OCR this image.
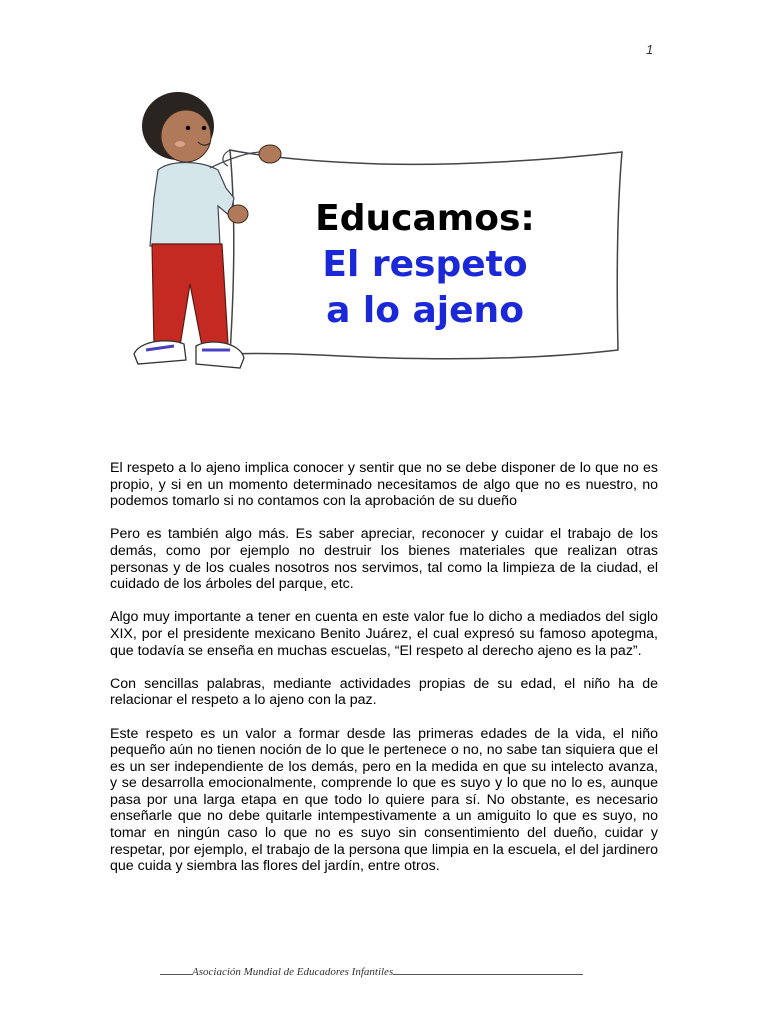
1
Educamos:
El respeto
a lo ajeno

El respeto a lo ajeno implica conocer y sentir que no se debe disponer de lo que no es propio, y si en un momento determinado necesitamos de algo que no es nuestro, no podemos tomarlo si no contamos con la aprobación de su dueño

Pero es también algo más. Es saber apreciar, reconocer y cuidar el trabajo de los demás, como por ejemplo no destruir los bienes materiales que realizan otras personas y de los cuales nosotros nos servimos, tal como la limpieza de la ciudad, el cuidado de los árboles del parque, etc.

Algo muy importante a tener en cuenta en este valor fue lo dicho a mediados del siglo XIX, por el presidente mexicano Benito Juárez, el cual expresó su famoso apotegma, que todavía se enseña en muchas escuelas, “El respeto al derecho ajeno es la paz”.

Con sencillas palabras, mediante actividades propias de su edad, el niño ha de relacionar el respeto a lo ajeno con la paz.

Este respeto es un valor a formar desde las primeras edades de la vida, el niño pequeño aún no tienen noción de lo que le pertenece o no, no sabe tan siquiera que el es un ser independiente de los demás, pero en la medida en que su intelecto avanza, y se desarrolla emocionalmente, comprende lo que es suyo y lo que no lo es, aunque pasa por una larga etapa en que todo lo quiere para sí. No obstante, es necesario enseñarle que no debe quitarle intempestivamente a un amiguito lo que es suyo, no tomar en ningún caso lo que no es suyo sin consentimiento del dueño, cuidar y respetar, por ejemplo, el trabajo de la persona que limpia en la escuela, el del jardinero que cuida y siembra las flores del jardín, entre otros.

Asociación Mundial de Educadores Infantiles
